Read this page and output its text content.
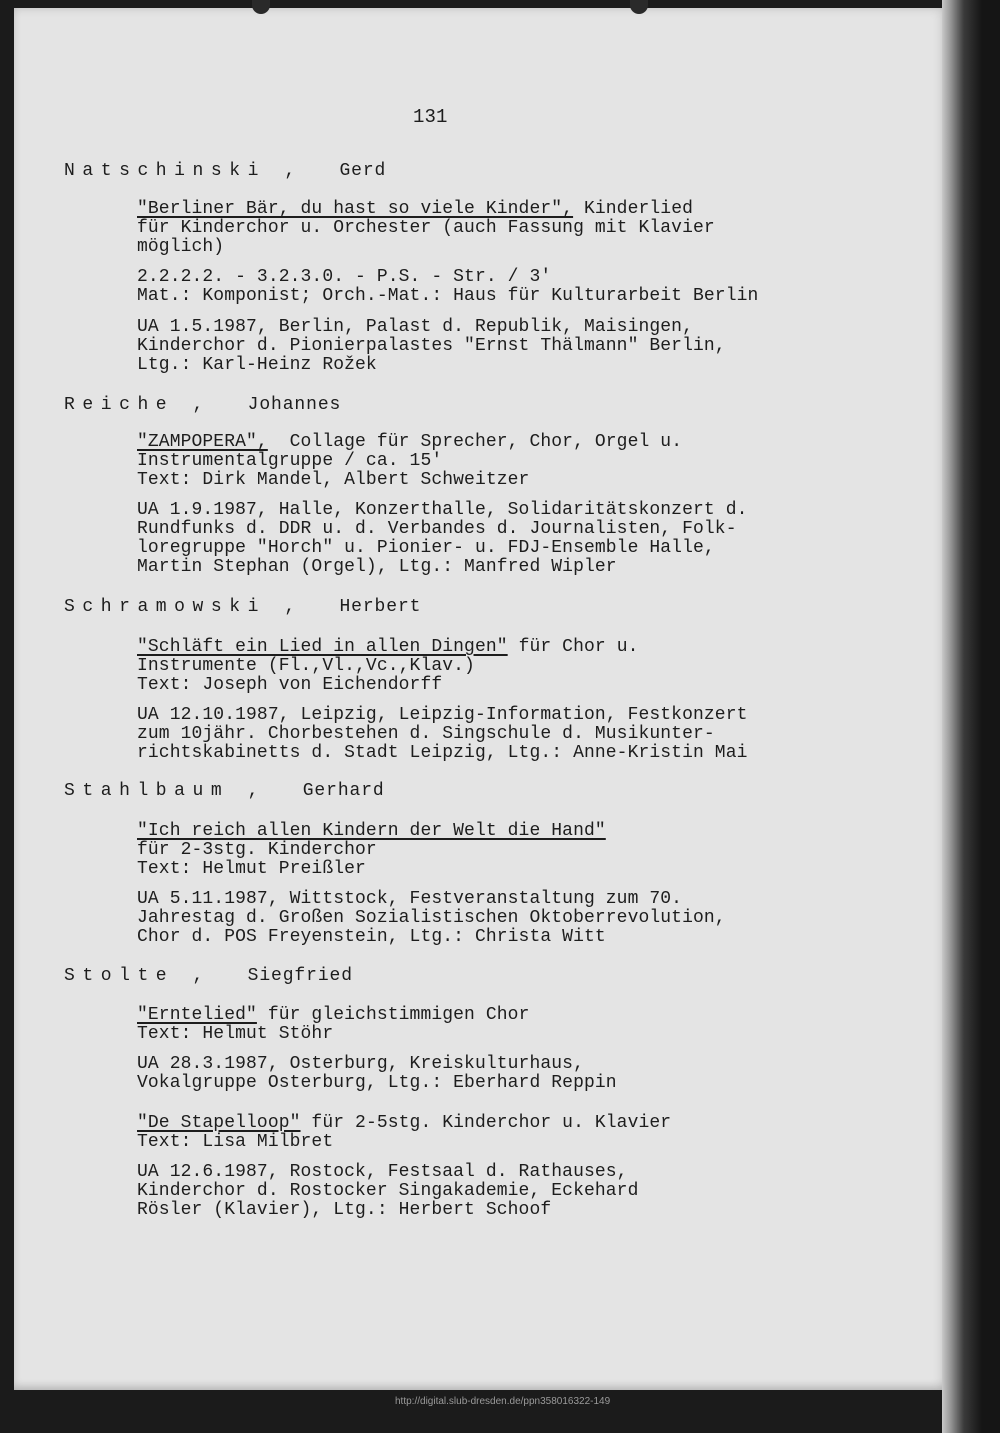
131
Natschinski ,  Gerd
"Berliner Bär, du hast so viele Kinder", Kinderlied
für Kinderchor u. Orchester (auch Fassung mit Klavier
möglich)
2.2.2.2. - 3.2.3.0. - P.S. - Str. / 3'
Mat.: Komponist; Orch.-Mat.: Haus für Kulturarbeit Berlin
UA 1.5.1987, Berlin, Palast d. Republik, Maisingen,
Kinderchor d. Pionierpalastes "Ernst Thälmann" Berlin,
Ltg.: Karl-Heinz Rožek
Reiche ,  Johannes
"ZAMPOPERA",  Collage für Sprecher, Chor, Orgel u.
Instrumentalgruppe / ca. 15'
Text: Dirk Mandel, Albert Schweitzer
UA 1.9.1987, Halle, Konzerthalle, Solidaritätskonzert d.
Rundfunks d. DDR u. d. Verbandes d. Journalisten, Folk-
loregruppe "Horch" u. Pionier- u. FDJ-Ensemble Halle,
Martin Stephan (Orgel), Ltg.: Manfred Wipler
Schramowski ,  Herbert
"Schläft ein Lied in allen Dingen" für Chor u.
Instrumente (Fl.,Vl.,Vc.,Klav.)
Text: Joseph von Eichendorff
UA 12.10.1987, Leipzig, Leipzig-Information, Festkonzert
zum 10jähr. Chorbestehen d. Singschule d. Musikunter-
richtskabinetts d. Stadt Leipzig, Ltg.: Anne-Kristin Mai
Stahlbaum ,  Gerhard
"Ich reich allen Kindern der Welt die Hand"
für 2-3stg. Kinderchor
Text: Helmut Preißler
UA 5.11.1987, Wittstock, Festveranstaltung zum 70.
Jahrestag d. Großen Sozialistischen Oktoberrevolution,
Chor d. POS Freyenstein, Ltg.: Christa Witt
Stolte ,  Siegfried
"Erntelied" für gleichstimmigen Chor
Text: Helmut Stöhr
UA 28.3.1987, Osterburg, Kreiskulturhaus,
Vokalgruppe Osterburg, Ltg.: Eberhard Reppin
"De Stapelloop" für 2-5stg. Kinderchor u. Klavier
Text: Lisa Milbret
UA 12.6.1987, Rostock, Festsaal d. Rathauses,
Kinderchor d. Rostocker Singakademie, Eckehard
Rösler (Klavier), Ltg.: Herbert Schoof
http://digital.slub-dresden.de/ppn358016322-149
